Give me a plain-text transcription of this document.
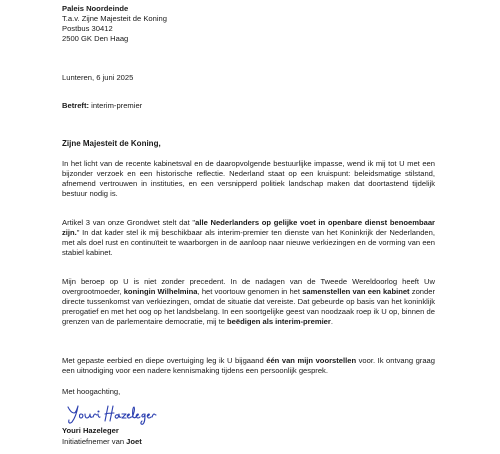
Paleis Noordeinde
T.a.v. Zijne Majesteit de Koning
Postbus 30412
2500 GK Den Haag
Lunteren, 6 juni 2025
Betreft: interim-premier
Zijne Majesteit de Koning,
In het licht van de recente kabinetsval en de daaropvolgende bestuurlijke impasse, wend ik mij tot U met een bijzonder verzoek en een historische reflectie. Nederland staat op een kruispunt: beleidsmatige stilstand, afnemend vertrouwen in instituties, en een versnipperd politiek landschap maken dat doortastend tijdelijk bestuur nodig is.
Artikel 3 van onze Grondwet stelt dat "alle Nederlanders op gelijke voet in openbare dienst benoembaar zijn." In dat kader stel ik mij beschikbaar als interim-premier ten dienste van het Koninkrijk der Nederlanden, met als doel rust en continuïteit te waarborgen in de aanloop naar nieuwe verkiezingen en de vorming van een stabiel kabinet.
Mijn beroep op U is niet zonder precedent. In de nadagen van de Tweede Wereldoorlog heeft Uw overgrootmoeder, koningin Wilhelmina, het voortouw genomen in het samenstellen van een kabinet zonder directe tussenkomst van verkiezingen, omdat de situatie dat vereiste. Dat gebeurde op basis van het koninklijk prerogatief en met het oog op het landsbelang. In een soortgelijke geest van noodzaak roep ik U op, binnen de grenzen van de parlementaire democratie, mij te beëdigen als interim-premier.
Met gepaste eerbied en diepe overtuiging leg ik U bijgaand één van mijn voorstellen voor. Ik ontvang graag een uitnodiging voor een nadere kennismaking tijdens een persoonlijk gesprek.
Met hoogachting,
Youri Hazeleger
Initiatiefnemer van Joet
